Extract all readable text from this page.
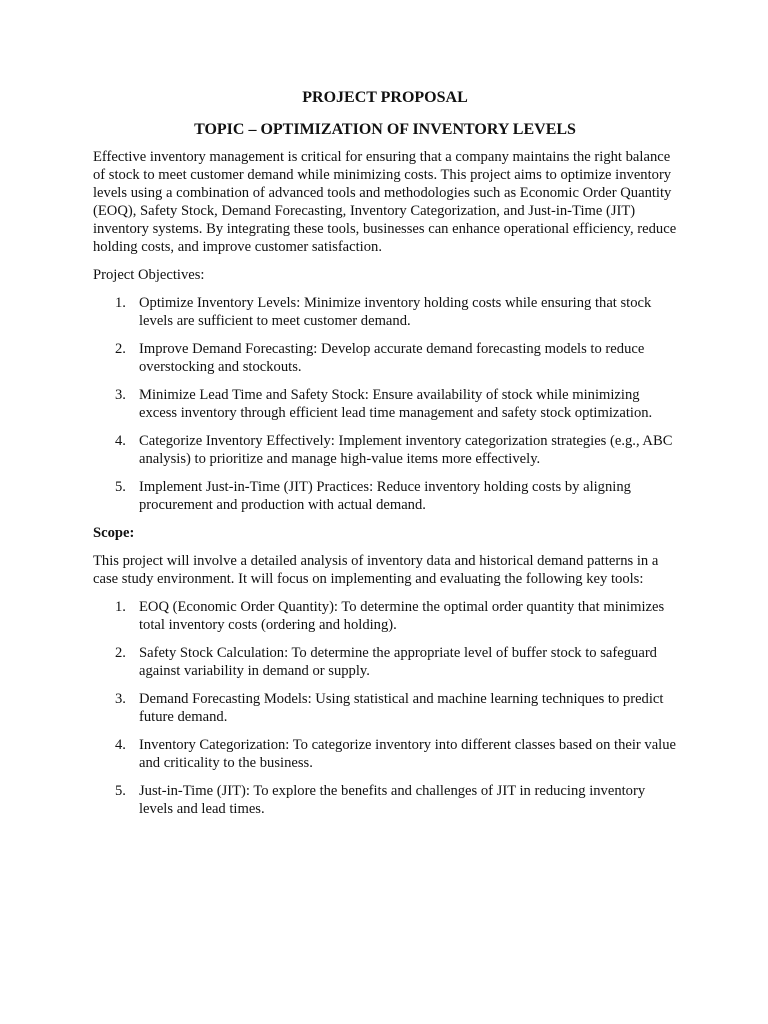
PROJECT PROPOSAL
TOPIC – OPTIMIZATION OF INVENTORY LEVELS

Effective inventory management is critical for ensuring that a company maintains the right balance of stock to meet customer demand while minimizing costs. This project aims to optimize inventory levels using a combination of advanced tools and methodologies such as Economic Order Quantity (EOQ), Safety Stock, Demand Forecasting, Inventory Categorization, and Just-in-Time (JIT) inventory systems. By integrating these tools, businesses can enhance operational efficiency, reduce holding costs, and improve customer satisfaction.

Project Objectives:

1. Optimize Inventory Levels: Minimize inventory holding costs while ensuring that stock levels are sufficient to meet customer demand.
2. Improve Demand Forecasting: Develop accurate demand forecasting models to reduce overstocking and stockouts.
3. Minimize Lead Time and Safety Stock: Ensure availability of stock while minimizing excess inventory through efficient lead time management and safety stock optimization.
4. Categorize Inventory Effectively: Implement inventory categorization strategies (e.g., ABC analysis) to prioritize and manage high-value items more effectively.
5. Implement Just-in-Time (JIT) Practices: Reduce inventory holding costs by aligning procurement and production with actual demand.

Scope:

This project will involve a detailed analysis of inventory data and historical demand patterns in a case study environment. It will focus on implementing and evaluating the following key tools:

1. EOQ (Economic Order Quantity): To determine the optimal order quantity that minimizes total inventory costs (ordering and holding).
2. Safety Stock Calculation: To determine the appropriate level of buffer stock to safeguard against variability in demand or supply.
3. Demand Forecasting Models: Using statistical and machine learning techniques to predict future demand.
4. Inventory Categorization: To categorize inventory into different classes based on their value and criticality to the business.
5. Just-in-Time (JIT): To explore the benefits and challenges of JIT in reducing inventory levels and lead times.
